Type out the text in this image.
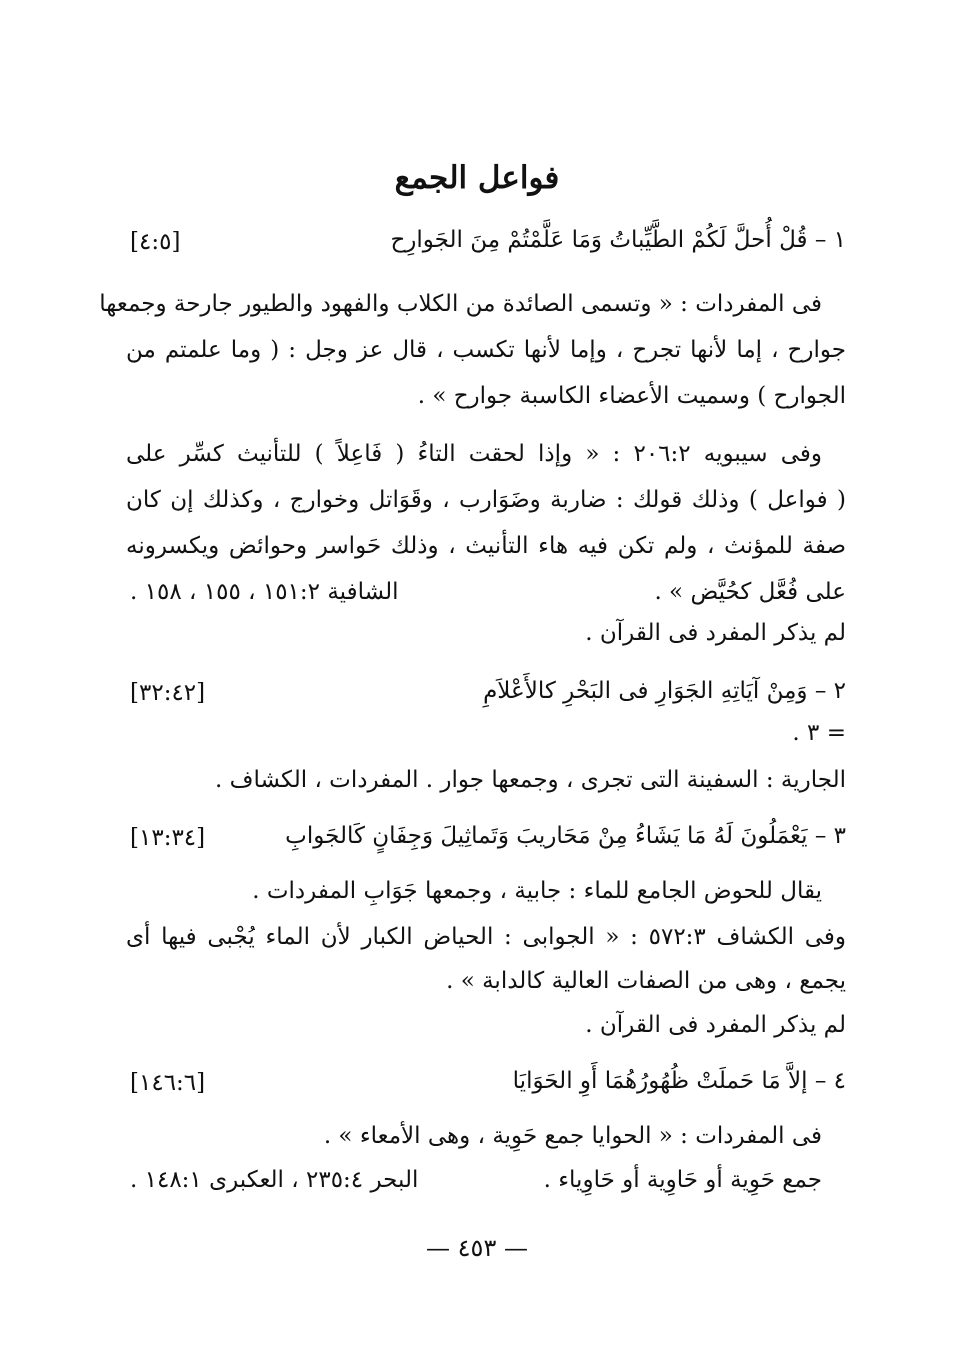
فواعل الجمع
١ – قُلْ أُحلَّ لَكُمْ الطَّيِّباتُ وَمَا عَلَّمْتُمْ مِنَ الجَوارِح
[٤:٥]
فى المفردات : « وتسمى الصائدة من الكلاب والفهود والطيور جارحة وجمعها
جوارح ، إما لأنها تجرح ، وإما لأنها تكسب ، قال عز وجل : ( وما علمتم من
الجوارح ) وسميت الأعضاء الكاسبة جوارح » .
وفى سيبويه ٢٠٦:٢ : « وإذا لحقت التاءُ ( فَاعِلاً ) للتأنيث كسِّر على
( فواعل ) وذلك قولك : ضاربة وضَوَارب ، وقَوَاتل وخوارج ، وكذلك إن كان
صفة للمؤنث ، ولم تكن فيه هاء التأنيث ، وذلك حَواسر وحوائض ويكسرونه
على فُعَّل كحُيَّض » .
الشافية ١٥١:٢ ، ١٥٥ ، ١٥٨ .
لم يذكر المفرد فى القرآن .
٢ – وَمِنْ آيَاتِهِ الجَوَارِ فى البَحْرِ كالأَعْلاَمِ
[٣٢:٤٢]
= ٣ .
الجارية : السفينة التى تجرى ، وجمعها جوار . المفردات ، الكشاف .
٣ – يَعْمَلُونَ لَهُ مَا يَشَاءُ مِنْ مَحَاريبَ وَتَماثِيلَ وَجِفَانٍ كَالجَوابِ
[١٣:٣٤]
يقال للحوض الجامع للماء : جابية ، وجمعها جَوَابِ المفردات .
وفى الكشاف ٥٧٢:٣ : « الجوابى : الحياض الكبار لأن الماء يُجْبى فيها أى
يجمع ، وهى من الصفات العالية كالدابة » .
لم يذكر المفرد فى القرآن .
٤ – إلاَّ مَا حَملَتْ ظُهُورُهُمَا أَوِ الحَوَايَا
[١٤٦:٦]
فى المفردات : « الحوايا جمع حَوِية ، وهى الأمعاء » .
جمع حَوِية أو حَاوِية أو حَاوِياء .
البحر ٢٣٥:٤ ، العكبرى ١٤٨:١ .
— ٤٥٣ —
